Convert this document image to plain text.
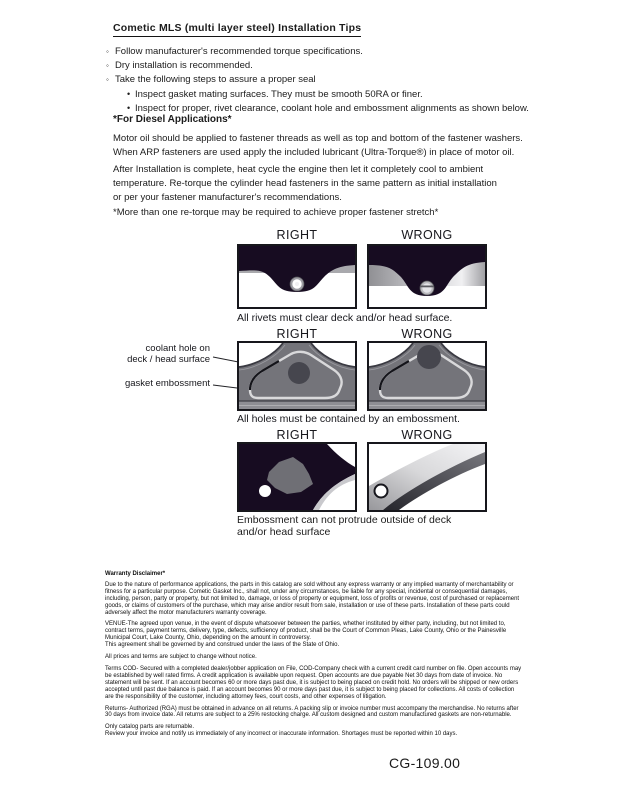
Cometic MLS (multi layer steel) Installation Tips
◦ Follow manufacturer's recommended torque specifications.
◦ Dry installation is recommended.
◦ Take the following steps to assure a proper seal
• Inspect gasket mating surfaces. They must be smooth 50RA or finer.
• Inspect for proper, rivet clearance, coolant hole and embossment alignments as shown below.
*For Diesel Applications*
Motor oil should be applied to fastener threads as well as top and bottom of the fastener washers.
When ARP fasteners are used apply the included lubricant (Ultra-Torque®) in place of motor oil.
After Installation is complete, heat cycle the engine then let it completely cool to ambient
temperature. Re-torque the cylinder head fasteners in the same pattern as initial installation
or per your fastener manufacturer's recommendations.
*More than one re-torque may be required to achieve proper fastener stretch*
RIGHT	WRONG
All rivets must clear deck and/or head surface.
RIGHT	WRONG
coolant hole on
deck / head surface
gasket embossment
All holes must be contained by an embossment.
RIGHT	WRONG
Embossment can not protrude outside of deck
and/or head surface
Warranty Disclaimer*
Due to the nature of performance applications, the parts in this catalog are sold without any express warranty or any implied warranty of merchantability or
fitness for a particular purpose. Cometic Gasket Inc., shall not, under any circumstances, be liable for any special, incidental or consequential damages,
including, person, party or property, but not limited to, damage, or loss of property or equipment, loss of profits or revenue, cost of purchased or replacement
goods, or claims of customers of the purchase, which may arise and/or result from sale, installation or use of these parts. Installation of these parts could
adversely affect the motor manufacturers warranty coverage.
VENUE-The agreed upon venue, in the event of dispute whatsoever between the parties, whether instituted by either party, including, but not limited to,
contract terms, payment terms, delivery, type, defects, sufficiency of product, shall be the Court of Common Pleas, Lake County, Ohio or the Painesville
Municipal Court, Lake County, Ohio, depending on the amount in controversy.
This agreement shall be governed by and construed under the laws of the State of Ohio.
All prices and terms are subject to change without notice.
Terms COD- Secured with a completed dealer/jobber application on File, COD-Company check with a current credit card number on file. Open accounts may
be established by well rated firms. A credit application is available upon request. Open accounts are due payable Net 30 days from date of invoice. No
statement will be sent. If an account becomes 60 or more days past due, it is subject to being placed on credit hold. No orders will be shipped or new orders
accepted until past due balance is paid. If an account becomes 90 or more days past due, it is subject to being placed for collections. All costs of collection
are the responsibility of the customer, including attorney fees, court costs, and other expenses of litigation.
Returns- Authorized (RGA) must be obtained in advance on all returns. A packing slip or invoice number must accompany the merchandise. No returns after
30 days from invoice date. All returns are subject to a 25% restocking charge. All custom designed and custom manufactured gaskets are non-returnable.
Only catalog parts are returnable.
Review your invoice and notify us immediately of any incorrect or inaccurate information. Shortages must be reported within 10 days.
CG-109.00
